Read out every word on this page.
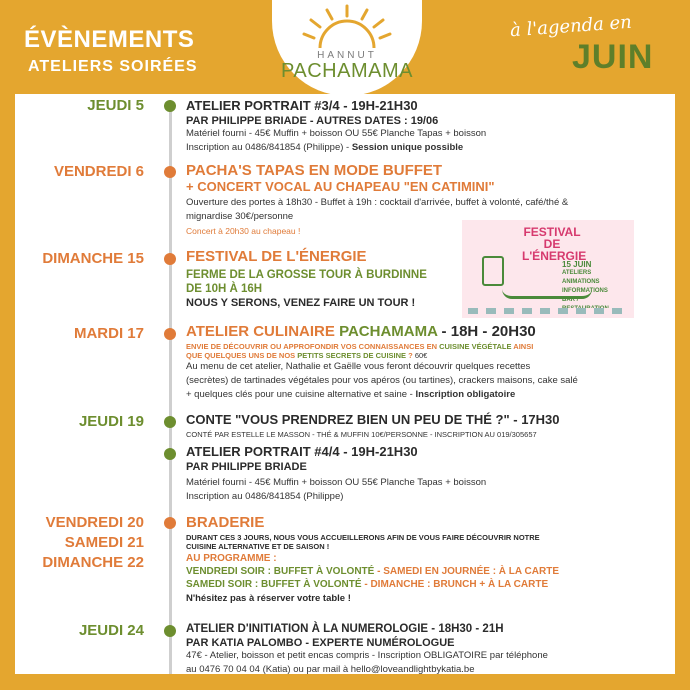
ÉVÈNEMENTS
ATELIERS SOIRÉES
HANNUT
PACHAMAMA
à l'agenda en
JUIN
JEUDI 5	ATELIER PORTRAIT #3/4 - 19H-21H30
PAR PHILIPPE BRIADE - AUTRES DATES : 19/06
Matériel fourni - 45€ Muffin + boisson OU 55€ Planche Tapas + boisson
Inscription au 0486/841854 (Philippe) - Session unique possible
VENDREDI 6	PACHA'S TAPAS EN MODE BUFFET
+ CONCERT VOCAL AU CHAPEAU "EN CATIMINI"
Ouverture des portes à 18h30 - Buffet à 19h : cocktail d'arrivée, buffet à volonté, café/thé &
mignardise 30€/personne
Concert à 20h30 au chapeau !
DIMANCHE 15	FESTIVAL DE L'ÉNERGIE
FERME DE LA GROSSE TOUR À BURDINNE
DE 10H À 16H
NOUS Y SERONS, VENEZ FAIRE UN TOUR !
FESTIVAL DE L'ÉNERGIE
15 JUIN
ATELIERS ANIMATIONS INFORMATIONS BAR /
MARDI 17	ATELIER CULINAIRE PACHAMAMA - 18H - 20H30
ENVIE DE DÉCOUVRIR OU APPROFONDIR VOS CONNAISSANCES EN CUISINE VÉGÉTALE AINSI
QUE QUELQUES UNS DE NOS PETITS SECRETS DE CUISINE ? 60€
Au menu de cet atelier, Nathalie et Gaëlle vous feront découvrir quelques recettes
(secrètes) de tartinades végétales pour vos apéros (ou tartines), crackers maisons, cake salé
+ quelques clés pour une cuisine alternative et saine - Inscription obligatoire
JEUDI 19	CONTE "VOUS PRENDREZ BIEN UN PEU DE THÉ ?" - 17H30
CONTÉ PAR ESTELLE LE MASSON - THÉ & MUFFIN 10€/PERSONNE - INSCRIPTION AU 019/305657
ATELIER PORTRAIT #4/4 - 19H-21H30
PAR PHILIPPE BRIADE
Matériel fourni - 45€ Muffin + boisson OU 55€ Planche Tapas + boisson
Inscription au 0486/841854 (Philippe)
VENDREDI 20
SAMEDI 21
DIMANCHE 22
BRADERIE
DURANT CES 3 JOURS, NOUS VOUS ACCUEILLERONS AFIN DE VOUS FAIRE DÉCOUVRIR NOTRE
CUISINE ALTERNATIVE ET DE SAISON !
AU PROGRAMME :
VENDREDI SOIR : BUFFET À VOLONTÉ - SAMEDI EN JOURNÉE : À LA CARTE
SAMEDI SOIR : BUFFET À VOLONTÉ - DIMANCHE : BRUNCH + À LA CARTE
N'hésitez pas à réserver votre table !
JEUDI 24	ATELIER D'INITIATION À LA NUMEROLOGIE - 18H30 - 21H
PAR KATIA PALOMBO - EXPERTE NUMÉROLOGUE
47€ - Atelier, boisson et petit encas compris - Inscription OBLIGATOIRE par téléphone
au 0476 70 04 04 (Katia) ou par mail à hello@loveandlightbykatia.be
